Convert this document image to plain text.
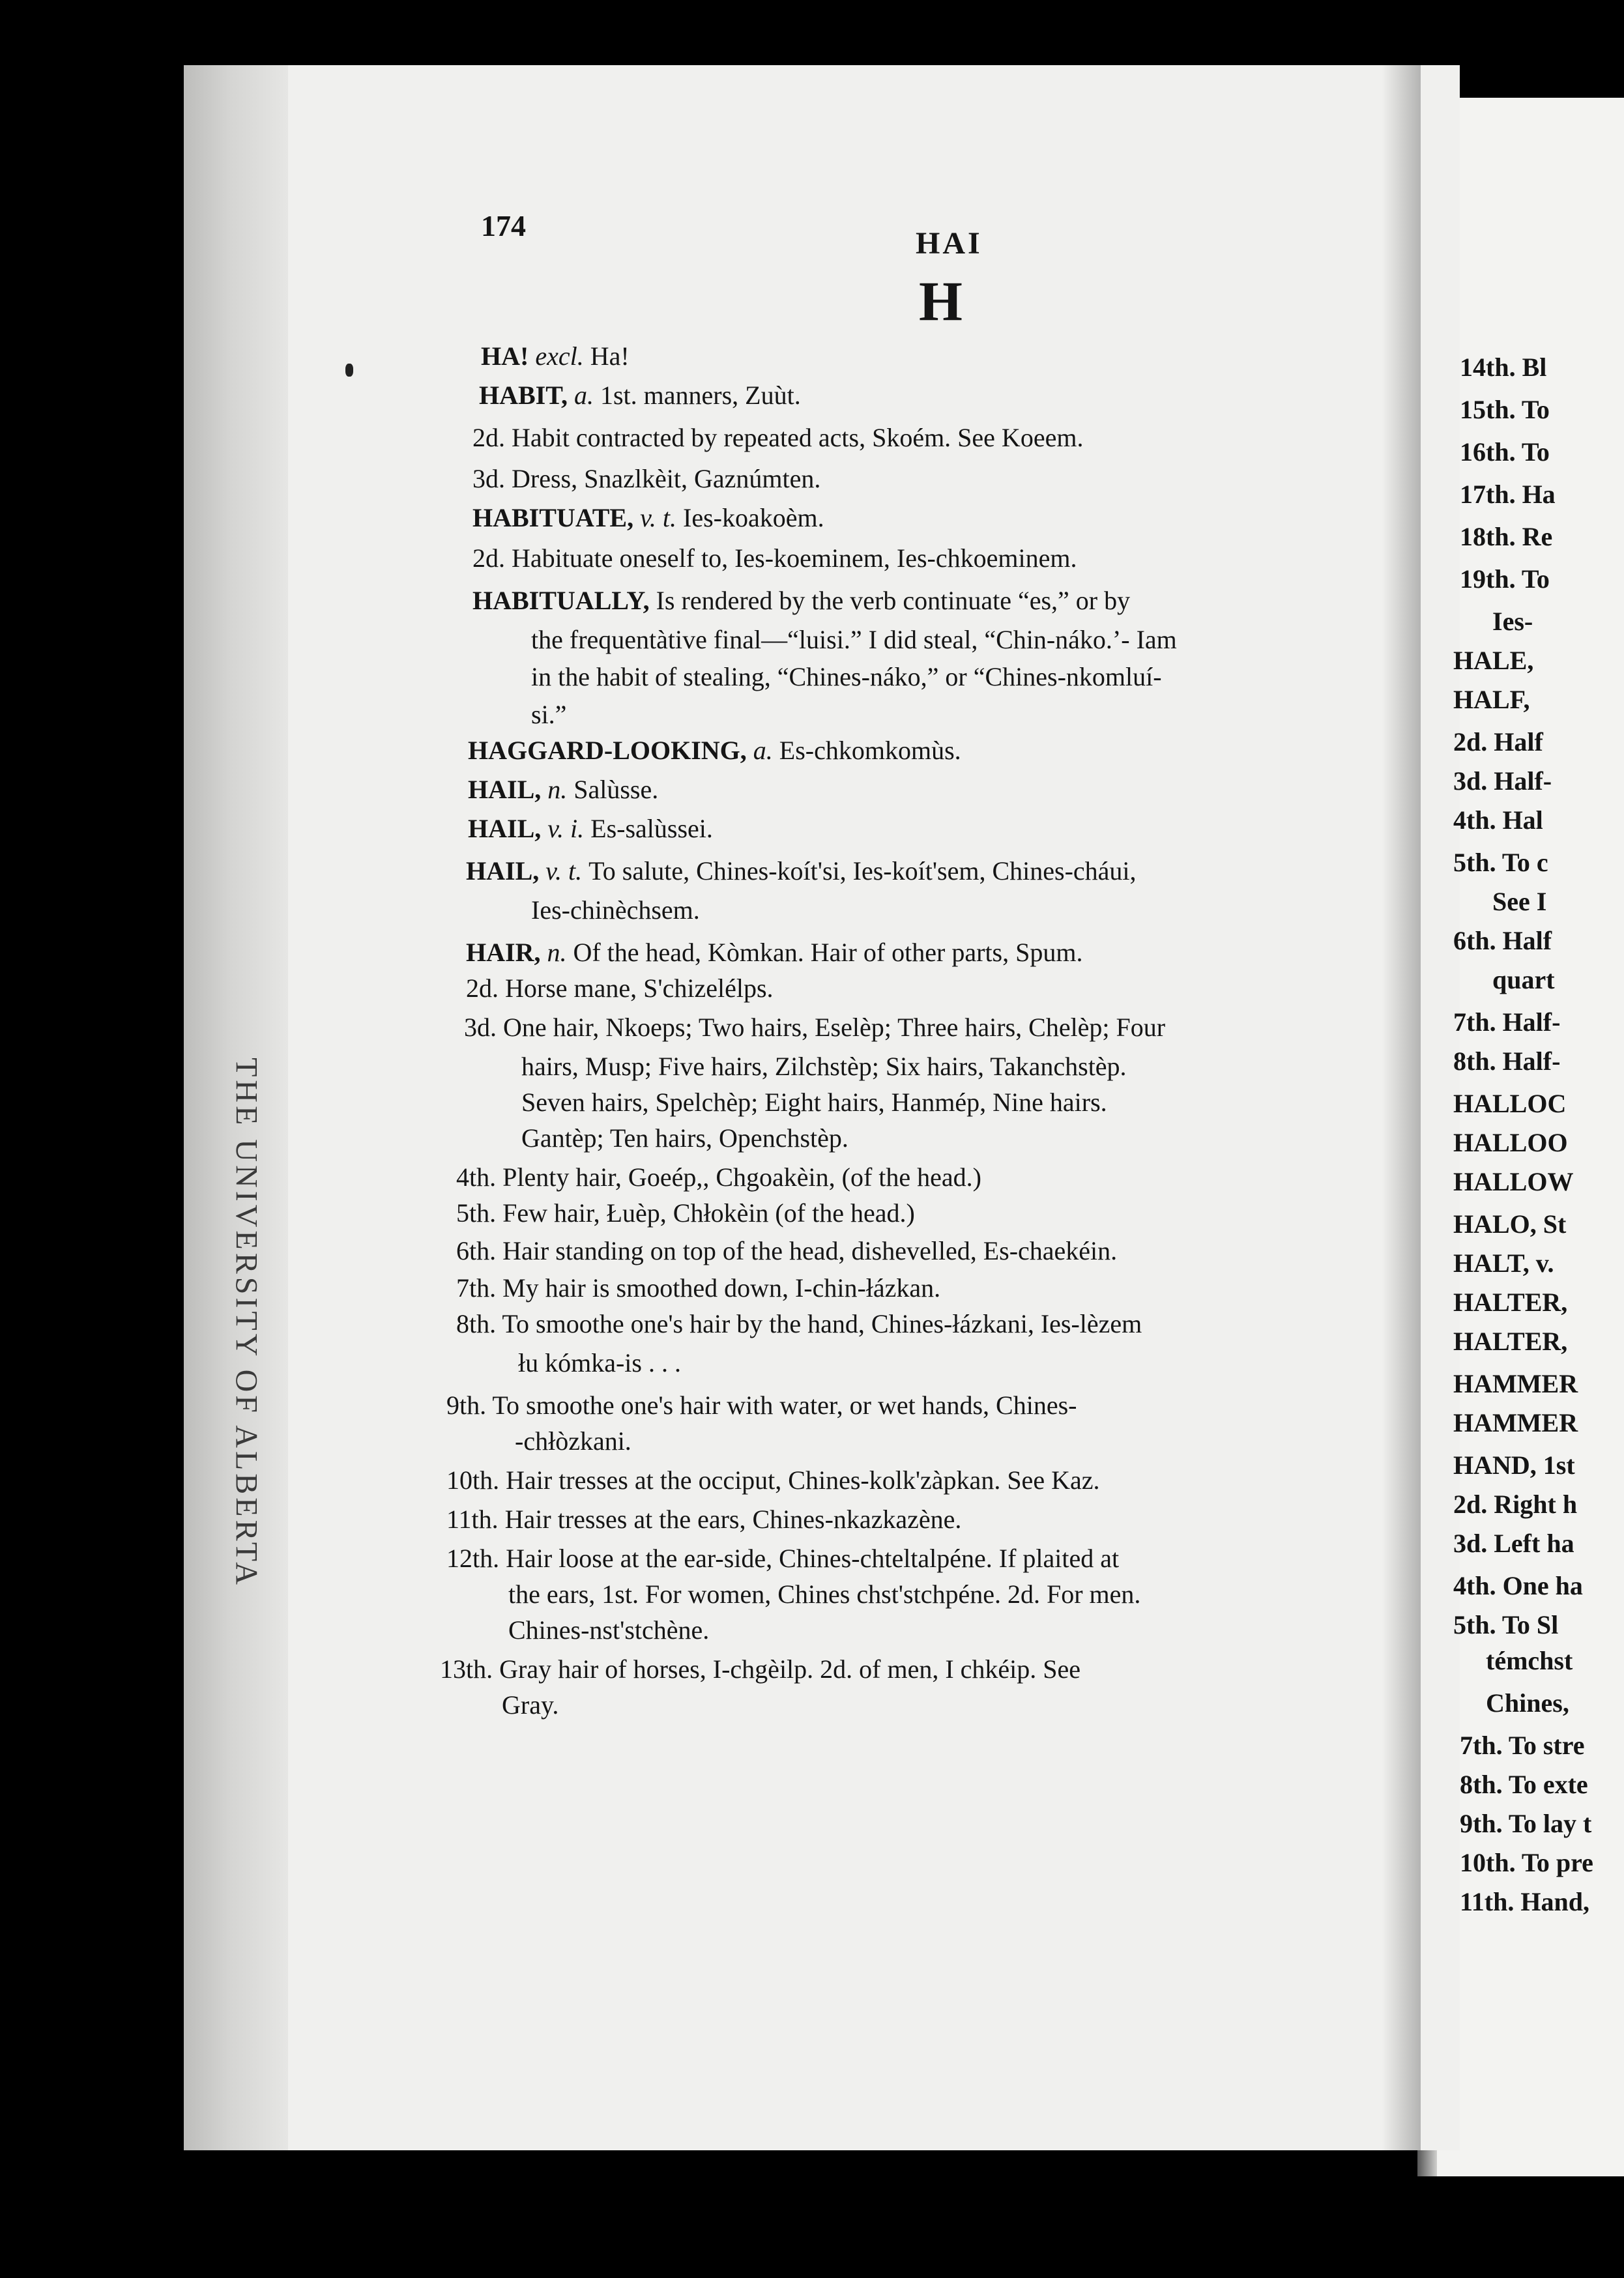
THE UNIVERSITY OF ALBERTA
174
HAI
H
HA! excl. Ha!
HABIT, a. 1st. manners, Zuùt.
2d. Habit contracted by repeated acts, Skoém. See Koeem.
3d. Dress, Snazlkèit, Gaznúmten.
HABITUATE, v. t. Ies-koakoèm.
2d. Habituate oneself to, Ies-koeminem, Ies-chkoeminem.
HABITUALLY, Is rendered by the verb continuate “es,” or by
the frequentàtive final—“luisi.” I did steal, “Chin-náko.’- Iam
in the habit of stealing, “Chines-náko,” or “Chines-nkomluí-
si.”
HAGGARD-LOOKING, a. Es-chkomkomùs.
HAIL, n. Salùsse.
HAIL, v. i. Es-salùssei.
HAIL, v. t. To salute, Chines-koít'si, Ies-koít'sem, Chines-cháui,
Ies-chinèchsem.
HAIR, n. Of the head, Kòmkan. Hair of other parts, Spum.
2d. Horse mane, S'chizelélps.
3d. One hair, Nkoeps; Two hairs, Eselèp; Three hairs, Chelèp; Four
hairs, Musp; Five hairs, Zilchstèp; Six hairs, Takanchstèp.
Seven hairs, Spelchèp; Eight hairs, Hanmép, Nine hairs.
Gantèp; Ten hairs, Openchstèp.
4th. Plenty hair, Goeép,, Chgoakèin, (of the head.)
5th. Few hair, Łuèp, Chłokèin (of the head.)
6th. Hair standing on top of the head, dishevelled, Es-chaekéin.
7th. My hair is smoothed down, I-chin-łázkan.
8th. To smoothe one's hair by the hand, Chines-łázkani, Ies-lèzem
łu kómka-is . . .
9th. To smoothe one's hair with water, or wet hands, Chines-
-chłòzkani.
10th. Hair tresses at the occiput, Chines-kolk'zàpkan. See Kaz.
11th. Hair tresses at the ears, Chines-nkazkazène.
12th. Hair loose at the ear-side, Chines-chteltalpéne. If plaited at
the ears, 1st. For women, Chines chst'stchpéne. 2d. For men.
Chines-nst'stchène.
13th. Gray hair of horses, I-chgèilp. 2d. of men, I chkéip. See
Gray.
14th. Bl
15th. To
16th. To
17th. Ha
18th. Re
19th. To
Ies-
HALE,
HALF,
2d. Half
3d. Half-
4th. Hal
5th. To c
See I
6th. Half
quart
7th. Half-
8th. Half-
HALLOC
HALLOO
HALLOW
HALO, St
HALT, v.
HALTER,
HALTER,
HAMMER
HAMMER
HAND, 1st
2d. Right h
3d. Left ha
4th. One ha
5th. To Sl
témchst
Chines,
7th. To stre
8th. To exte
9th. To lay t
10th. To pre
11th. Hand,
